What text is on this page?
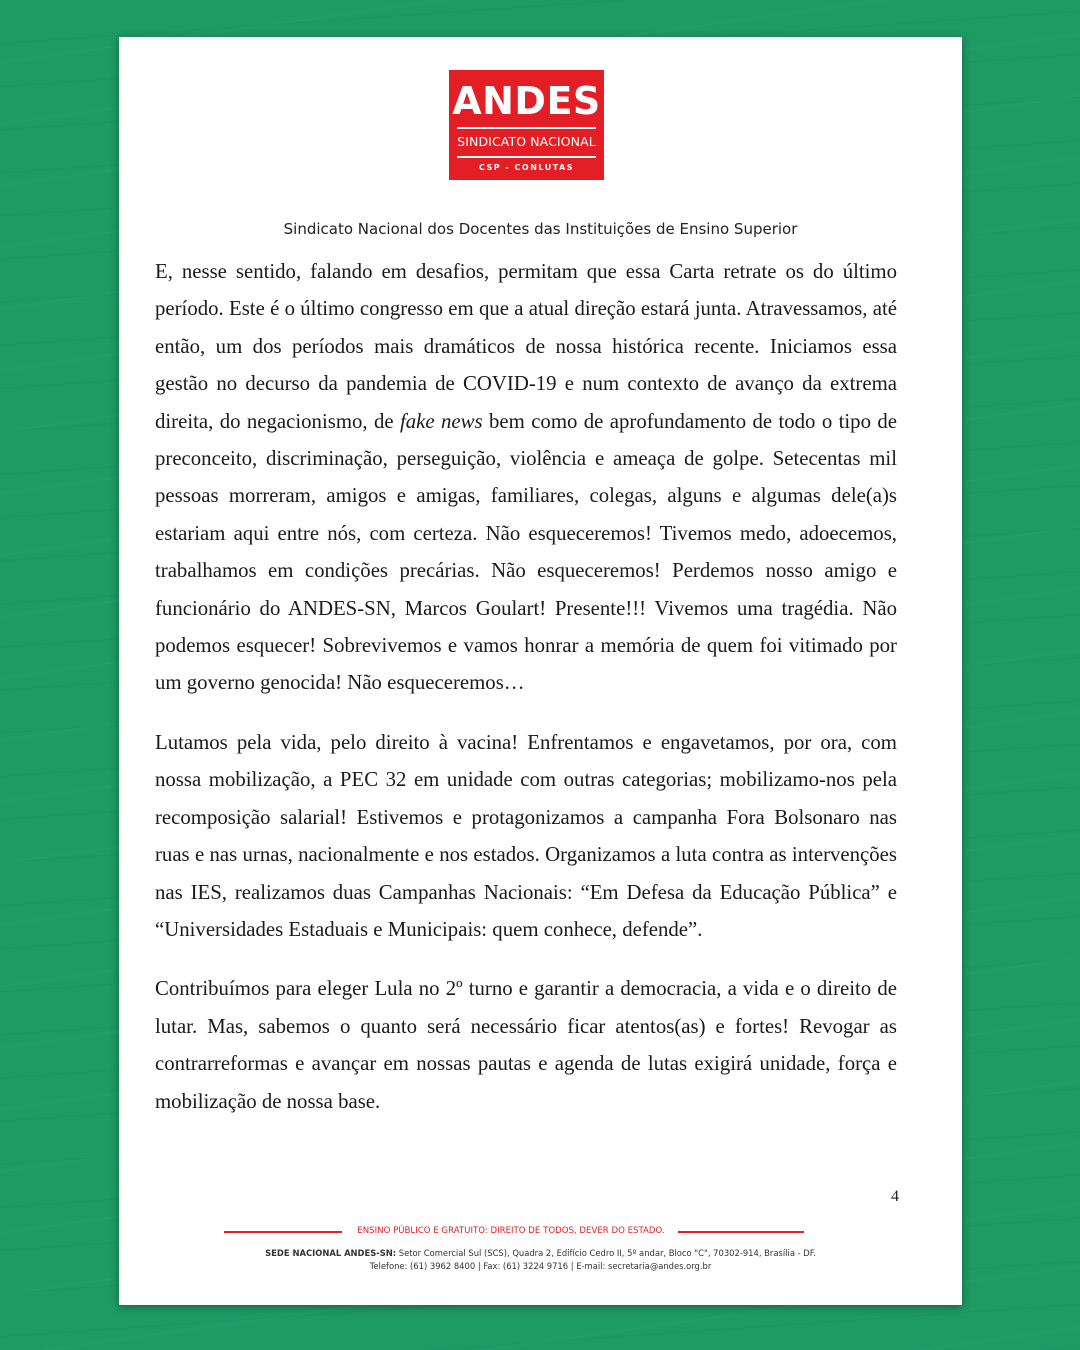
ANDES
SINDICATO NACIONAL
CSP - CONLUTAS
Sindicato Nacional dos Docentes das Instituições de Ensino Superior

E, nesse sentido, falando em desafios, permitam que essa Carta retrate os do último período. Este é o último congresso em que a atual direção estará junta. Atravessamos, até então, um dos períodos mais dramáticos de nossa histórica recente. Iniciamos essa gestão no decurso da pandemia de COVID-19 e num contexto de avanço da extrema direita, do negacionismo, de fake news bem como de aprofundamento de todo o tipo de preconceito, discriminação, perseguição, violência e ameaça de golpe. Setecentas mil pessoas morreram, amigos e amigas, familiares, colegas, alguns e algumas dele(a)s estariam aqui entre nós, com certeza. Não esqueceremos! Tivemos medo, adoecemos, trabalhamos em condições precárias. Não esqueceremos! Perdemos nosso amigo e funcionário do ANDES-SN, Marcos Goulart! Presente!!! Vivemos uma tragédia. Não podemos esquecer! Sobrevivemos e vamos honrar a memória de quem foi vitimado por um governo genocida! Não esqueceremos…

Lutamos pela vida, pelo direito à vacina! Enfrentamos e engavetamos, por ora, com nossa mobilização, a PEC 32 em unidade com outras categorias; mobilizamo-nos pela recomposição salarial! Estivemos e protagonizamos a campanha Fora Bolsonaro nas ruas e nas urnas, nacionalmente e nos estados. Organizamos a luta contra as intervenções nas IES, realizamos duas Campanhas Nacionais: “Em Defesa da Educação Pública” e “Universidades Estaduais e Municipais: quem conhece, defende”.

Contribuímos para eleger Lula no 2º turno e garantir a democracia, a vida e o direito de lutar. Mas, sabemos o quanto será necessário ficar atentos(as) e fortes! Revogar as contrarreformas e avançar em nossas pautas e agenda de lutas exigirá unidade, força e mobilização de nossa base.

4
ENSINO PÚBLICO E GRATUITO: DIREITO DE TODOS, DEVER DO ESTADO.
SEDE NACIONAL ANDES-SN: Setor Comercial Sul (SCS), Quadra 2, Edifício Cedro II, 5º andar, Bloco "C", 70302-914, Brasília - DF.
Telefone: (61) 3962 8400 | Fax: (61) 3224 9716 | E-mail: secretaria@andes.org.br
